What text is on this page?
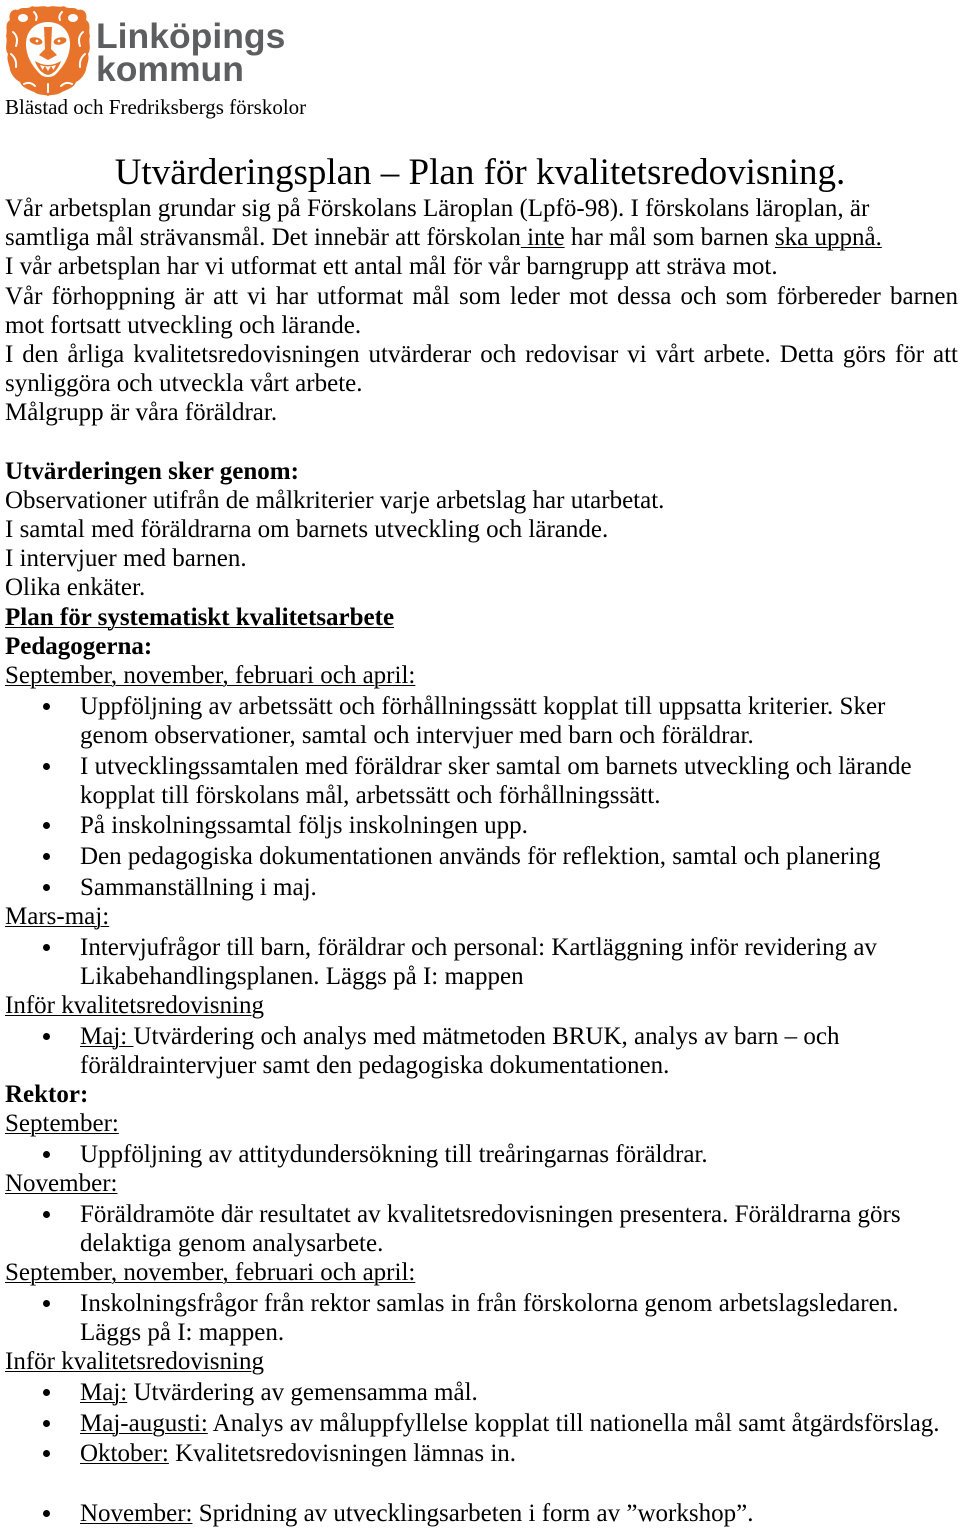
Linköpings
kommun
Blästad och Fredriksbergs förskolor
Utvärderingsplan – Plan för kvalitetsredovisning.
Vår arbetsplan grundar sig på Förskolans Läroplan (Lpfö-98). I förskolans läroplan, är
samtliga mål strävansmål. Det innebär att förskolan inte har mål som barnen ska uppnå.
I vår arbetsplan har vi utformat ett antal mål för vår barngrupp att sträva mot.
Vår förhoppning är att vi har utformat mål som leder mot dessa och som förbereder barnen
mot fortsatt utveckling och lärande.
I den årliga kvalitetsredovisningen utvärderar och redovisar vi vårt arbete. Detta görs för att
synliggöra och utveckla vårt arbete.
Målgrupp är våra föräldrar.
Utvärderingen sker genom:
Observationer utifrån de målkriterier varje arbetslag har utarbetat.
I samtal med föräldrarna om barnets utveckling och lärande.
I intervjuer med barnen.
Olika enkäter.
Plan för systematiskt kvalitetsarbete
Pedagogerna:
September, november, februari och april:
Uppföljning av arbetssätt och förhållningssätt kopplat till uppsatta kriterier. Sker
genom observationer, samtal och intervjuer med barn och föräldrar.
I utvecklingssamtalen med föräldrar sker samtal om barnets utveckling och lärande
kopplat till förskolans mål, arbetssätt och förhållningssätt.
På inskolningssamtal följs inskolningen upp.
Den pedagogiska dokumentationen används för reflektion, samtal och planering
Sammanställning i maj.
Mars-maj:
Intervjufrågor till barn, föräldrar och personal: Kartläggning inför revidering av
Likabehandlingsplanen. Läggs på I: mappen
Inför kvalitetsredovisning
Maj: Utvärdering och analys med mätmetoden BRUK, analys av barn – och
föräldraintervjuer samt den pedagogiska dokumentationen.
Rektor:
September:
Uppföljning av attitydundersökning till treåringarnas föräldrar.
November:
Föräldramöte där resultatet av kvalitetsredovisningen presentera. Föräldrarna görs
delaktiga genom analysarbete.
September, november, februari och april:
Inskolningsfrågor från rektor samlas in från förskolorna genom arbetslagsledaren.
Läggs på I: mappen.
Inför kvalitetsredovisning
Maj: Utvärdering av gemensamma mål.
Maj-augusti: Analys av måluppfyllelse kopplat till nationella mål samt åtgärdsförslag.
Oktober: Kvalitetsredovisningen lämnas in.
November: Spridning av utvecklingsarbeten i form av ”workshop”.
